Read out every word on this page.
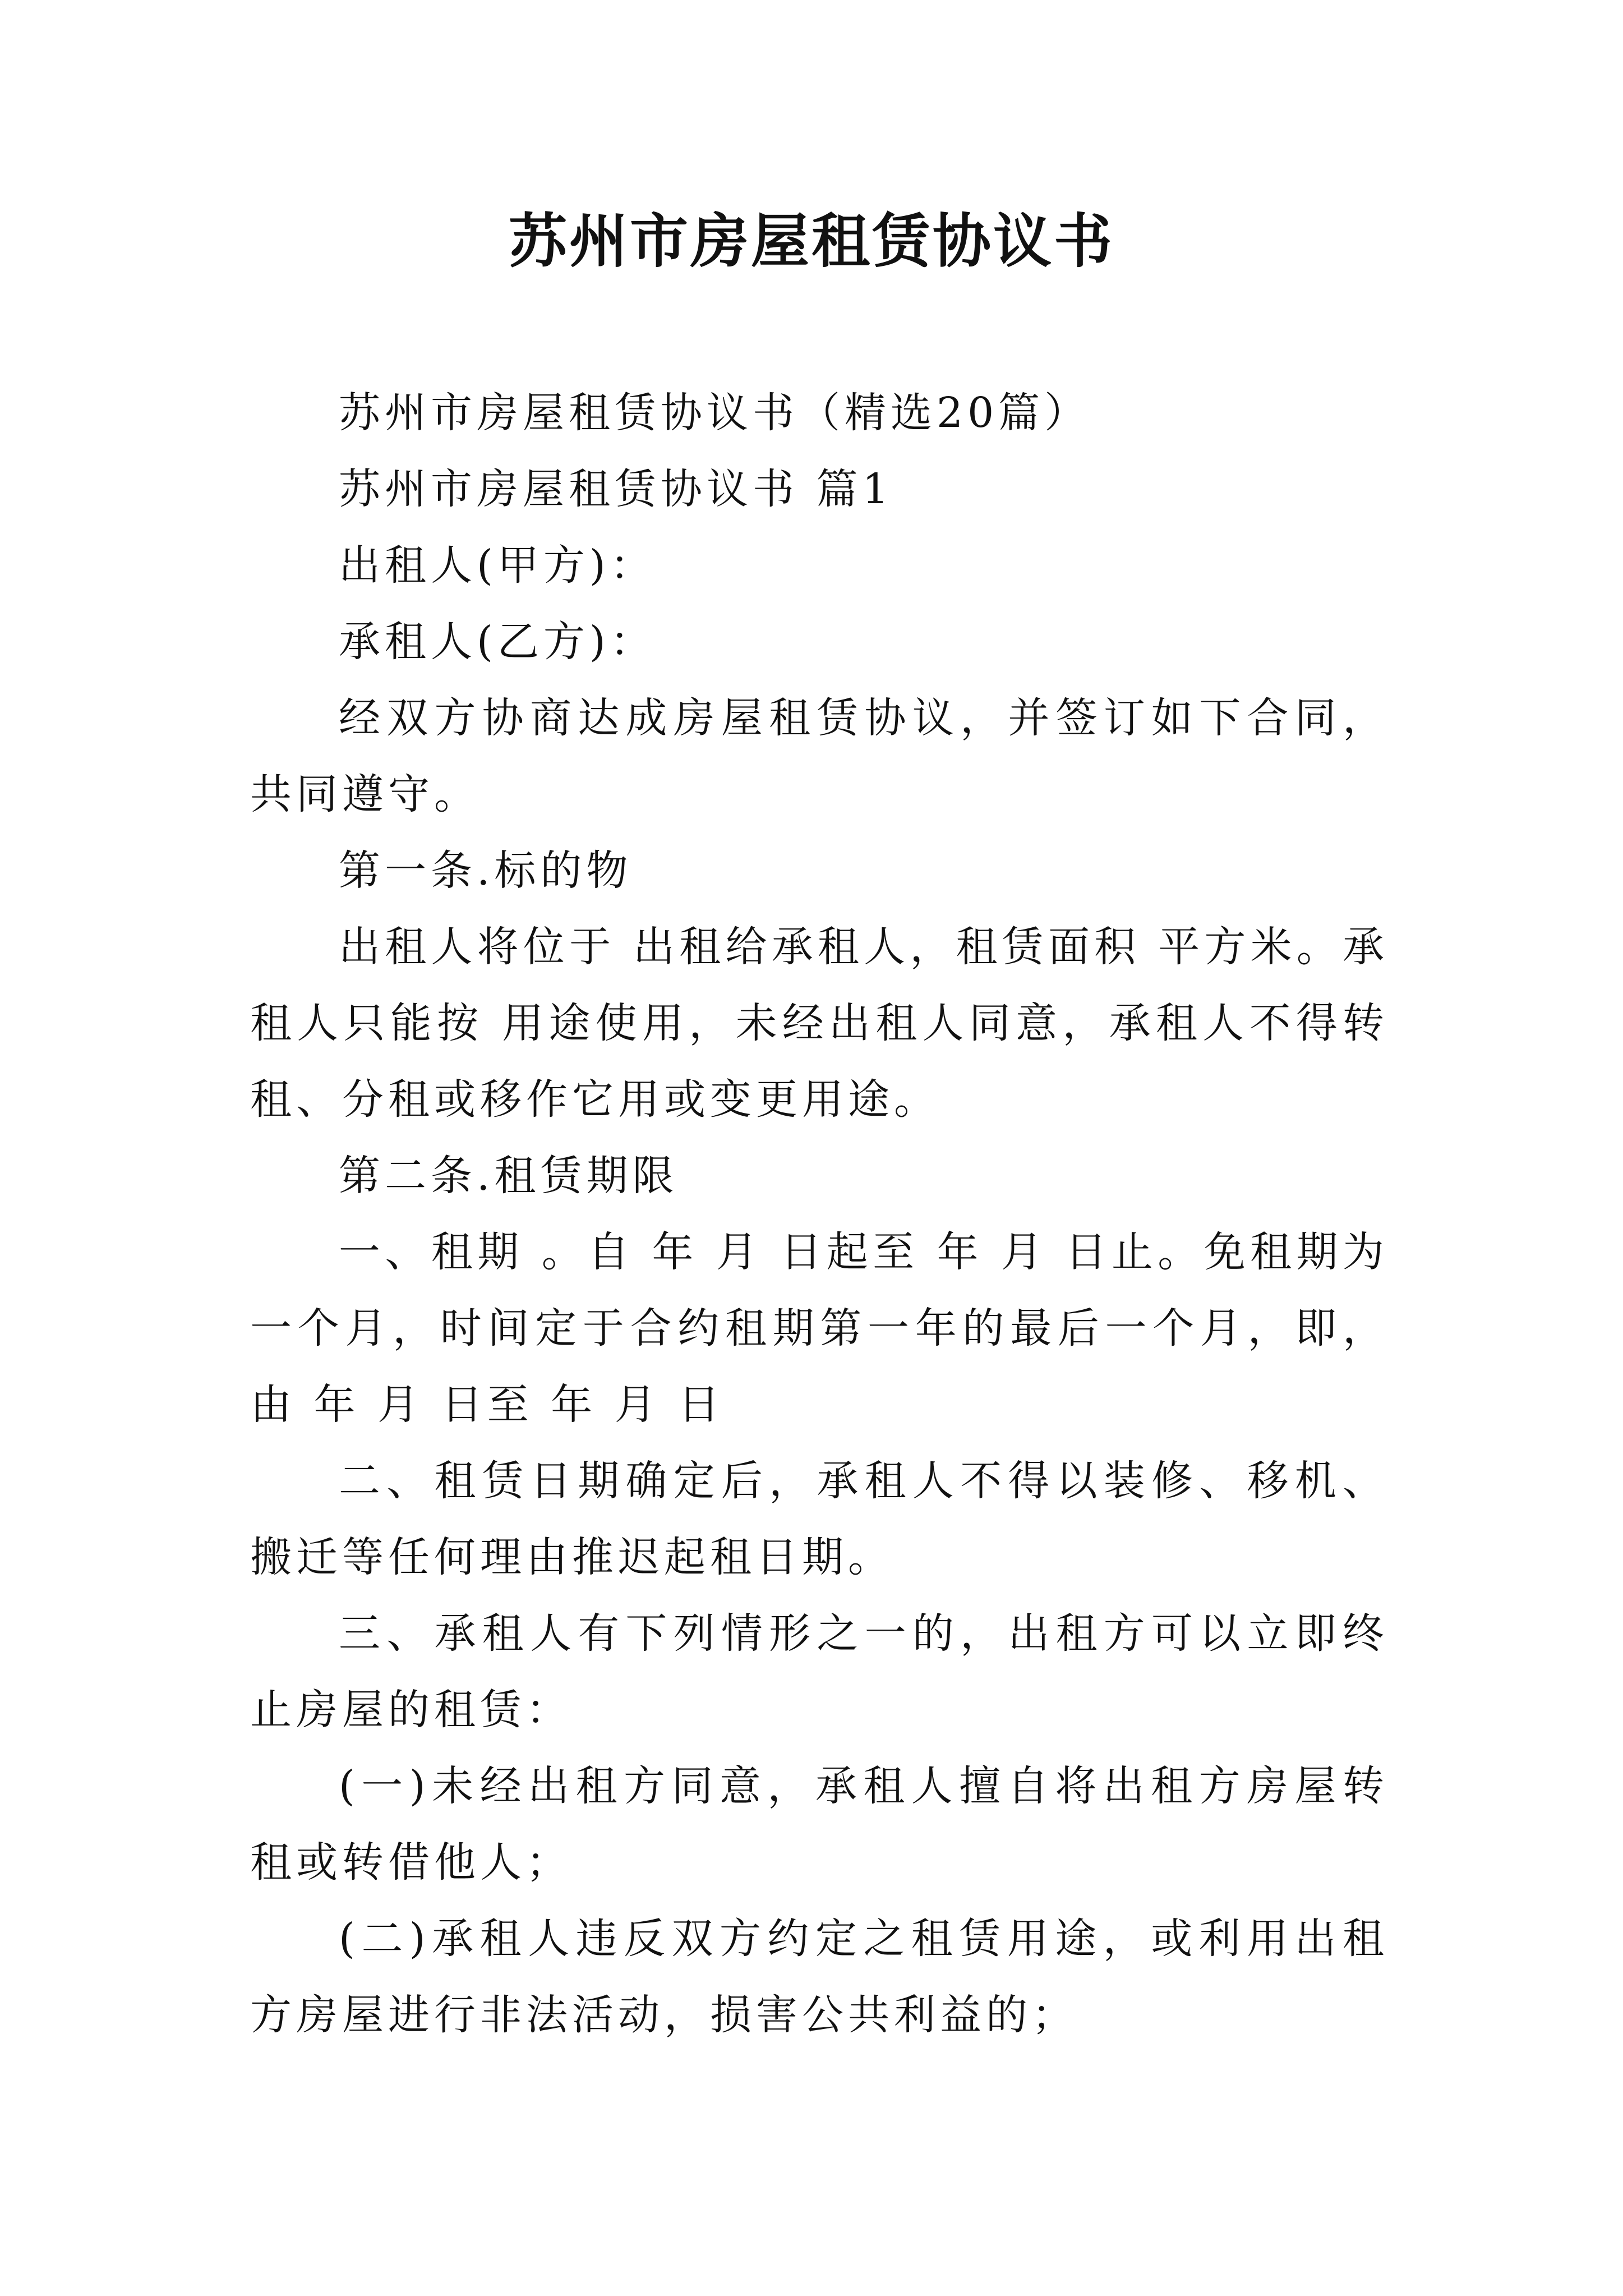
苏州市房屋租赁协议书

苏州市房屋租赁协议书（精选20篇）

苏州市房屋租赁协议书 篇1

出租人(甲方)：

承租人(乙方)：

经双方协商达成房屋租赁协议，并签订如下合同，共同遵守。

第一条.标的物

出租人将位于 出租给承租人，租赁面积 平方米。承租人只能按 用途使用，未经出租人同意，承租人不得转租、分租或移作它用或变更用途。

第二条.租赁期限

一、租期 。自 年 月 日起至 年 月 日止。免租期为一个月，时间定于合约租期第一年的最后一个月，即，由 年 月 日至 年 月 日

二、租赁日期确定后，承租人不得以装修、移机、搬迁等任何理由推迟起租日期。

三、承租人有下列情形之一的，出租方可以立即终止房屋的租赁：

(一)未经出租方同意，承租人擅自将出租方房屋转租或转借他人；

(二)承租人违反双方约定之租赁用途，或利用出租方房屋进行非法活动，损害公共利益的；
